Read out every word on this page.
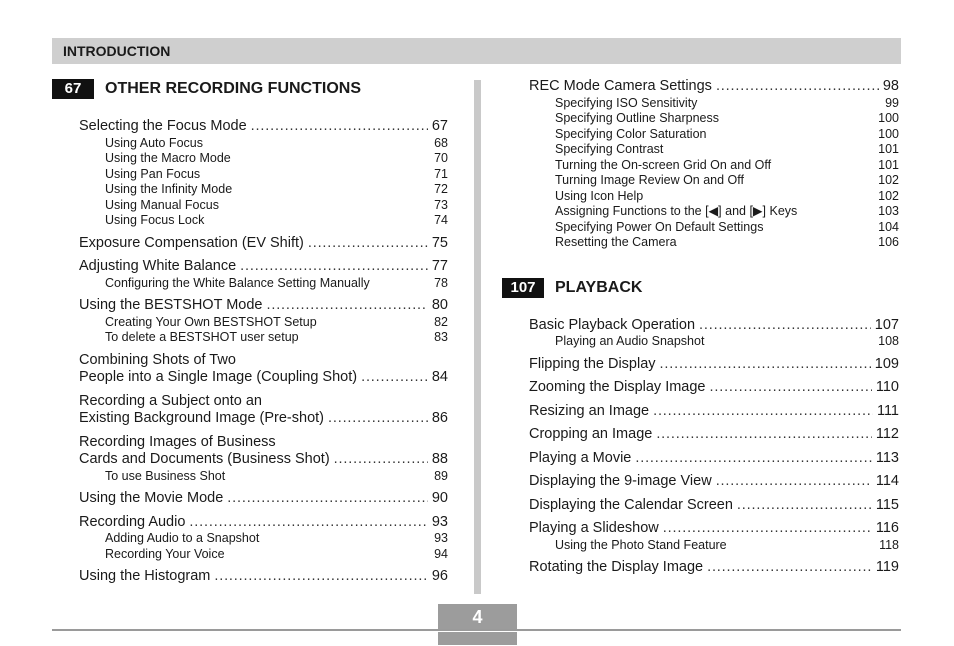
INTRODUCTION
67	OTHER RECORDING FUNCTIONS
Selecting the Focus Mode . . .	67
Using Auto Focus	68
Using the Macro Mode	70
Using Pan Focus	71
Using the Infinity Mode	72
Using Manual Focus	73
Using Focus Lock	74
Exposure Compensation (EV Shift) . . .	75
Adjusting White Balance . . .	77
Configuring the White Balance Setting Manually	78
Using the BESTSHOT Mode . . .	80
Creating Your Own BESTSHOT Setup	82
To delete a BESTSHOT user setup	83
Combining Shots of Two
People into a Single Image (Coupling Shot) . . .	84
Recording a Subject onto an
Existing Background Image (Pre-shot) . . .	86
Recording Images of Business
Cards and Documents (Business Shot) . . .	88
To use Business Shot	89
Using the Movie Mode . . .	90
Recording Audio . . .	93
Adding Audio to a Snapshot	93
Recording Your Voice	94
Using the Histogram . . .	96
REC Mode Camera Settings . . .	98
Specifying ISO Sensitivity	99
Specifying Outline Sharpness	100
Specifying Color Saturation	100
Specifying Contrast	101
Turning the On-screen Grid On and Off	101
Turning Image Review On and Off	102
Using Icon Help	102
Assigning Functions to the [◀] and [▶] Keys	103
Specifying Power On Default Settings	104
Resetting the Camera	106
107	PLAYBACK
Basic Playback Operation . . .	107
Playing an Audio Snapshot	108
Flipping the Display . . .	109
Zooming the Display Image . . .	110
Resizing an Image . . .	111
Cropping an Image . . .	112
Playing a Movie . . .	113
Displaying the 9-image View . . .	114
Displaying the Calendar Screen . . .	115
Playing a Slideshow . . .	116
Using the Photo Stand Feature	118
Rotating the Display Image . . .	119
4
